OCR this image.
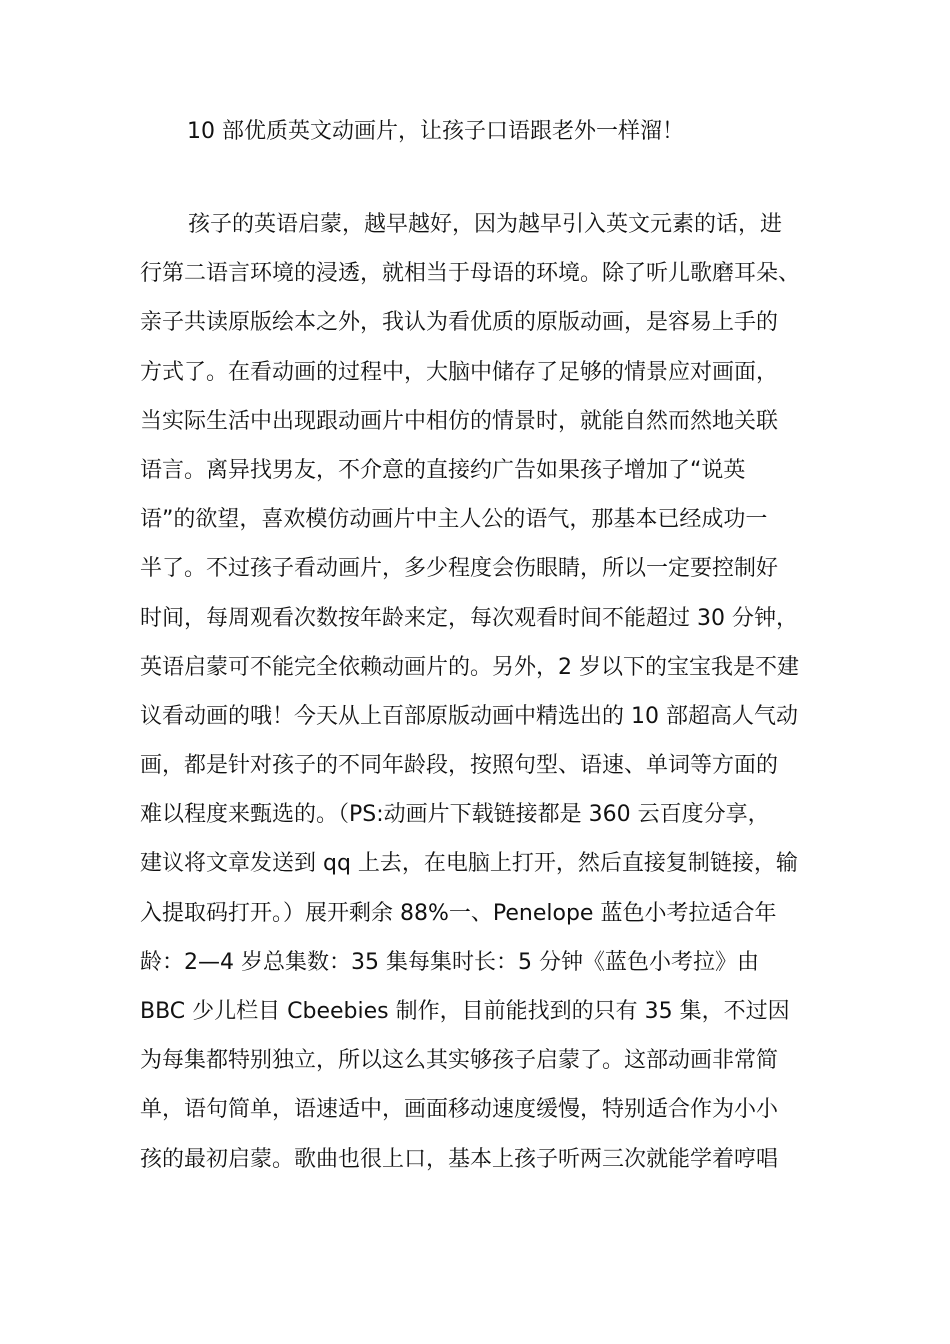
10 部优质英文动画片，让孩子口语跟老外一样溜！
孩子的英语启蒙，越早越好，因为越早引入英文元素的话，进
行第二语言环境的浸透，就相当于母语的环境。除了听儿歌磨耳朵、
亲子共读原版绘本之外，我认为看优质的原版动画，是容易上手的
方式了。在看动画的过程中，大脑中储存了足够的情景应对画面，
当实际生活中出现跟动画片中相仿的情景时，就能自然而然地关联
语言。离异找男友，不介意的直接约广告如果孩子增加了“说英
语”的欲望，喜欢模仿动画片中主人公的语气，那基本已经成功一
半了。不过孩子看动画片，多少程度会伤眼睛，所以一定要控制好
时间，每周观看次数按年龄来定，每次观看时间不能超过 30 分钟，
英语启蒙可不能完全依赖动画片的。另外，2 岁以下的宝宝我是不建
议看动画的哦！今天从上百部原版动画中精选出的 10 部超高人气动
画，都是针对孩子的不同年龄段，按照句型、语速、单词等方面的
难以程度来甄选的。（PS:动画片下载链接都是 360 云百度分享，
建议将文章发送到 qq 上去，在电脑上打开，然后直接复制链接，输
入提取码打开。）展开剩余 88%一、Penelope 蓝色小考拉适合年
龄：2—4 岁总集数：35 集每集时长：5 分钟《蓝色小考拉》由
BBC 少儿栏目 Cbeebies 制作，目前能找到的只有 35 集，不过因
为每集都特别独立，所以这么其实够孩子启蒙了。这部动画非常简
单，语句简单，语速适中，画面移动速度缓慢，特别适合作为小小
孩的最初启蒙。歌曲也很上口，基本上孩子听两三次就能学着哼唱
